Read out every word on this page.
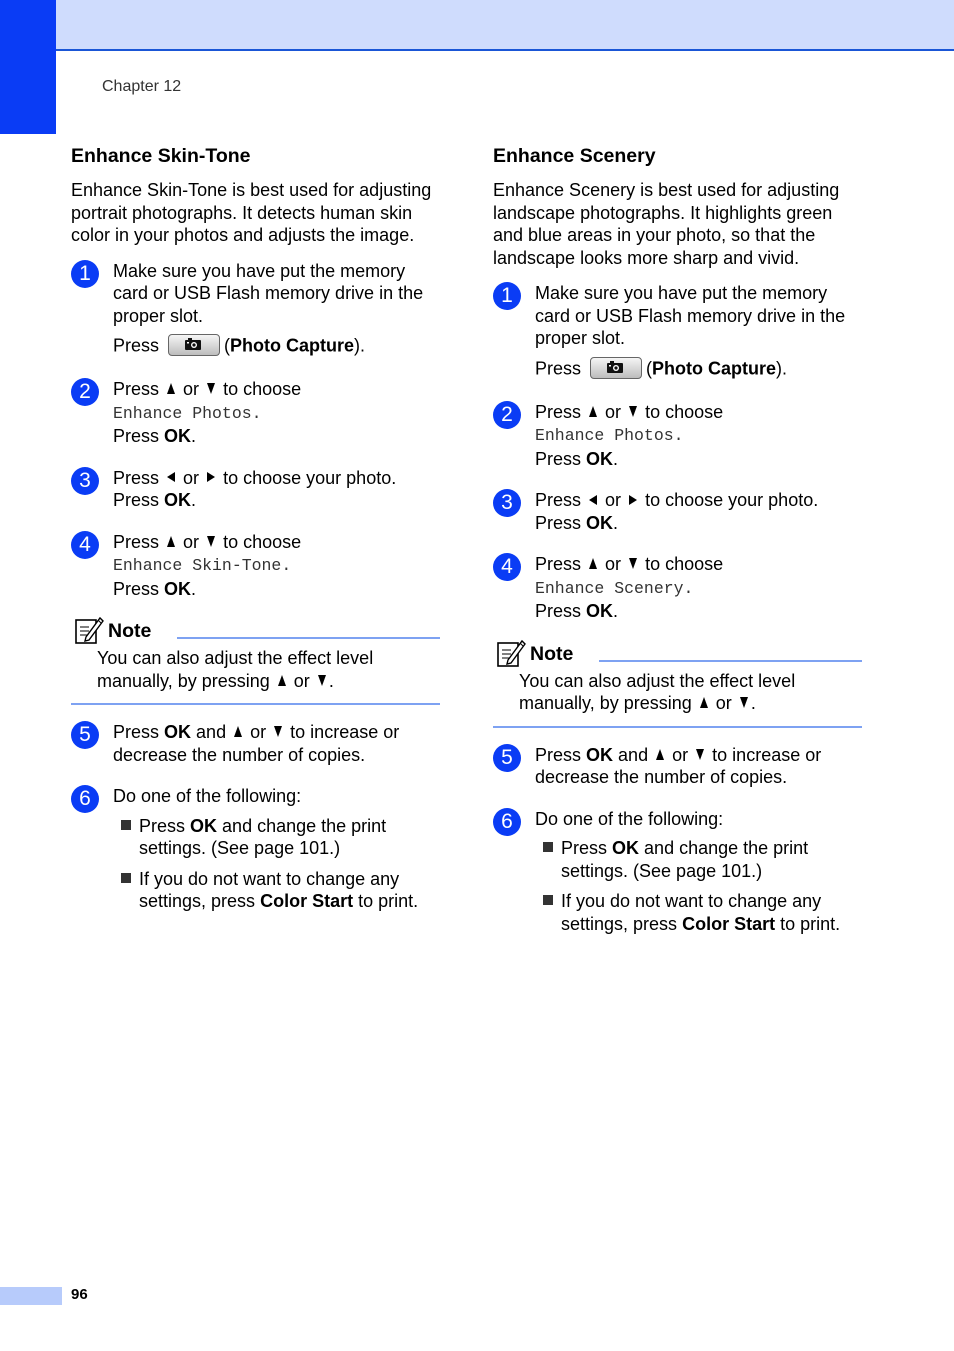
Chapter 12
Enhance Skin-Tone

Enhance Skin-Tone is best used for adjusting portrait photographs. It detects human skin color in your photos and adjusts the image.

1	Make sure you have put the memory card or USB Flash memory drive in the proper slot.

Press	(Photo Capture).

2	Press or to choose

Enhance Photos.

Press OK.

3	Press or to choose your photo.

Press OK.

4	Press or to choose

Enhance Skin-Tone.

Press OK.

Note

You can also adjust the effect level manually, by pressing or .

5	Press OK and or to increase or decrease the number of copies.

6	Do one of the following:

Press OK and change the print settings. (See page 101.)
If you do not want to change any settings, press Color Start to print.
Enhance Scenery

Enhance Scenery is best used for adjusting landscape photographs. It highlights green and blue areas in your photo, so that the landscape looks more sharp and vivid.

1	Make sure you have put the memory card or USB Flash memory drive in the proper slot.

Press	(Photo Capture).

2	Press or to choose

Enhance Photos.

Press OK.

3	Press or to choose your photo.

Press OK.

4	Press or to choose

Enhance Scenery.

Press OK.

Note

You can also adjust the effect level manually, by pressing or .

5	Press OK and or to increase or decrease the number of copies.

6	Do one of the following:

Press OK and change the print settings. (See page 101.)
If you do not want to change any settings, press Color Start to print.
96
